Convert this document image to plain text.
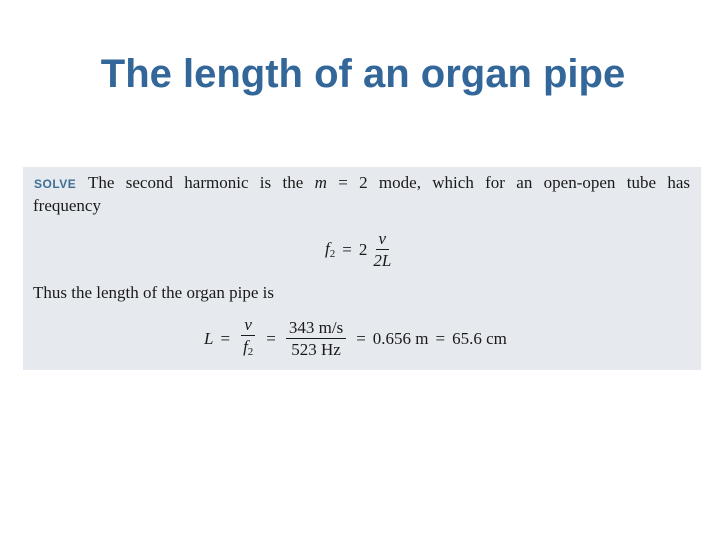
The length of an organ pipe
SOLVE The second harmonic is the m = 2 mode, which for an open-open tube has
frequency
$f_2 = 2 \frac{v}{2L}$
Thus the length of the organ pipe is
$L = \frac{v}{f_2} = \frac{343 m/s}{523 Hz} = 0.656$ m = 65.6 cm
